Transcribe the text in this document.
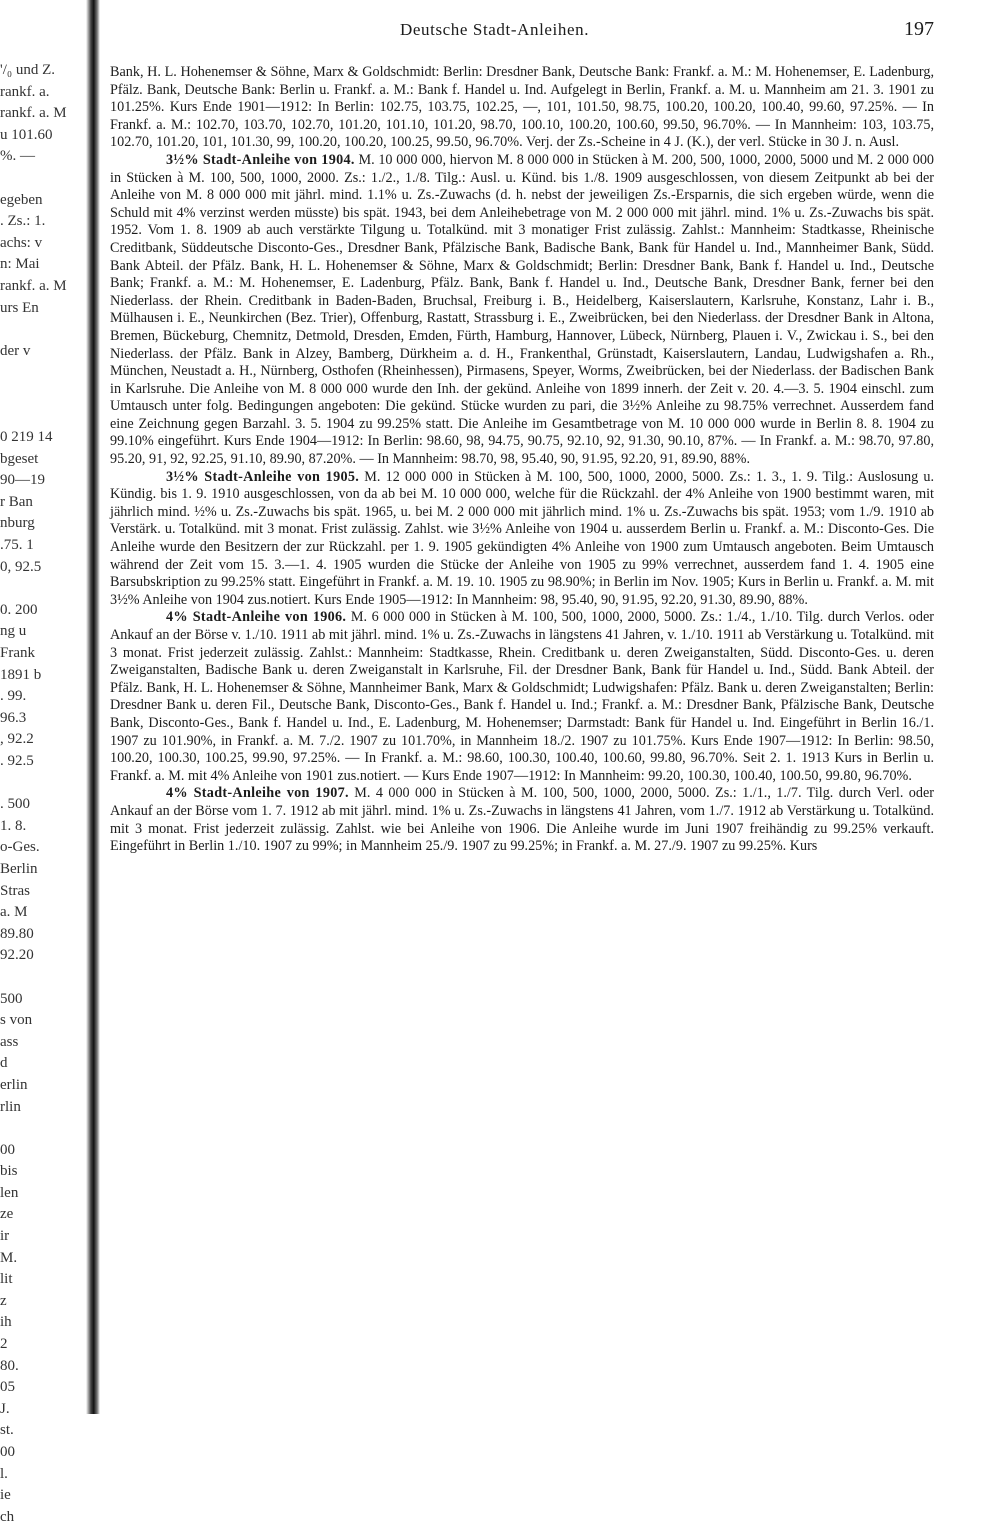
'/₀ und Z.
rankf. a.
rankf. a. M
u 101.60
%. —
egeben
. Zs.: 1.
achs: v
n: Mai
rankf. a. M
urs En
der v
0 219 14
bgeset
90—19
r Ban
nburg
.75. 1
0, 92.5
0. 200
ng u
Frank
1891 b
. 99.
96.3
, 92.2
. 92.5
. 500
1. 8.
o-Ges.
Berlin
Stras
a. M
89.80
92.20
500
s von
ass
d
erlin
rlin
00
bis
len
ze
ir
M.
lit
z
ih
2
80.
05
J.
st.
00
l.
ie
ch
Deutsche Stadt-Anleihen.	197

Bank, H. L. Hohenemser & Söhne, Marx & Goldschmidt: Berlin: Dresdner Bank, Deutsche Bank: Frankf. a. M.: M. Hohenemser, E. Ladenburg, Pfälz. Bank, Deutsche Bank: Berlin u. Frankf. a. M.: Bank f. Handel u. Ind. Aufgelegt in Berlin, Frankf. a. M. u. Mannheim am 21. 3. 1901 zu 101.25%. Kurs Ende 1901—1912: In Berlin: 102.75, 103.75, 102.25, —, 101, 101.50, 98.75, 100.20, 100.20, 100.40, 99.60, 97.25%. — In Frankf. a. M.: 102.70, 103.70, 102.70, 101.20, 101.10, 101.20, 98.70, 100.10, 100.20, 100.60, 99.50, 96.70%. — In Mannheim: 103, 103.75, 102.70, 101.20, 101, 101.30, 99, 100.20, 100.20, 100.25, 99.50, 96.70%. Verj. der Zs.-Scheine in 4 J. (K.), der verl. Stücke in 30 J. n. Ausl.

3½% Stadt-Anleihe von 1904. M. 10 000 000, hiervon M. 8 000 000 in Stücken à M. 200, 500, 1000, 2000, 5000 und M. 2 000 000 in Stücken à M. 100, 500, 1000, 2000. Zs.: 1./2., 1./8. Tilg.: Ausl. u. Künd. bis 1./8. 1909 ausgeschlossen, von diesem Zeitpunkt ab bei der Anleihe von M. 8 000 000 mit jährl. mind. 1.1% u. Zs.-Zuwachs (d. h. nebst der jeweiligen Zs.-Ersparnis, die sich ergeben würde, wenn die Schuld mit 4% verzinst werden müsste) bis spät. 1943, bei dem Anleihebetrage von M. 2 000 000 mit jährl. mind. 1% u. Zs.-Zuwachs bis spät. 1952. Vom 1. 8. 1909 ab auch verstärkte Tilgung u. Totalkünd. mit 3 monatiger Frist zulässig. Zahlst.: Mannheim: Stadtkasse, Rheinische Creditbank, Süddeutsche Disconto-Ges., Dresdner Bank, Pfälzische Bank, Badische Bank, Bank für Handel u. Ind., Mannheimer Bank, Südd. Bank Abteil. der Pfälz. Bank, H. L. Hohenemser & Söhne, Marx & Goldschmidt; Berlin: Dresdner Bank, Bank f. Handel u. Ind., Deutsche Bank; Frankf. a. M.: M. Hohenemser, E. Ladenburg, Pfälz. Bank, Bank f. Handel u. Ind., Deutsche Bank, Dresdner Bank, ferner bei den Niederlass. der Rhein. Creditbank in Baden-Baden, Bruchsal, Freiburg i. B., Heidelberg, Kaiserslautern, Karlsruhe, Konstanz, Lahr i. B., Mülhausen i. E., Neunkirchen (Bez. Trier), Offenburg, Rastatt, Strassburg i. E., Zweibrücken, bei den Niederlass. der Dresdner Bank in Altona, Bremen, Bückeburg, Chemnitz, Detmold, Dresden, Emden, Fürth, Hamburg, Hannover, Lübeck, Nürnberg, Plauen i. V., Zwickau i. S., bei den Niederlass. der Pfälz. Bank in Alzey, Bamberg, Dürkheim a. d. H., Frankenthal, Grünstadt, Kaiserslautern, Landau, Ludwigshafen a. Rh., München, Neustadt a. H., Nürnberg, Osthofen (Rheinhessen), Pirmasens, Speyer, Worms, Zweibrücken, bei der Niederlass. der Badischen Bank in Karlsruhe. Die Anleihe von M. 8 000 000 wurde den Inh. der gekünd. Anleihe von 1899 innerh. der Zeit v. 20. 4.—3. 5. 1904 einschl. zum Umtausch unter folg. Bedingungen angeboten: Die gekünd. Stücke wurden zu pari, die 3½% Anleihe zu 98.75% verrechnet. Ausserdem fand eine Zeichnung gegen Barzahl. 3. 5. 1904 zu 99.25% statt. Die Anleihe im Gesamtbetrage von M. 10 000 000 wurde in Berlin 8. 8. 1904 zu 99.10% eingeführt. Kurs Ende 1904—1912: In Berlin: 98.60, 98, 94.75, 90.75, 92.10, 92, 91.30, 90.10, 87%. — In Frankf. a. M.: 98.70, 97.80, 95.20, 91, 92, 92.25, 91.10, 89.90, 87.20%. — In Mannheim: 98.70, 98, 95.40, 90, 91.95, 92.20, 91, 89.90, 88%.

3½% Stadt-Anleihe von 1905. M. 12 000 000 in Stücken à M. 100, 500, 1000, 2000, 5000. Zs.: 1. 3., 1. 9. Tilg.: Auslosung u. Kündig. bis 1. 9. 1910 ausgeschlossen, von da ab bei M. 10 000 000, welche für die Rückzahl. der 4% Anleihe von 1900 bestimmt waren, mit jährlich mind. ½% u. Zs.-Zuwachs bis spät. 1965, u. bei M. 2 000 000 mit jährlich mind. 1% u. Zs.-Zuwachs bis spät. 1953; vom 1./9. 1910 ab Verstärk. u. Totalkünd. mit 3 monat. Frist zulässig. Zahlst. wie 3½% Anleihe von 1904 u. ausserdem Berlin u. Frankf. a. M.: Disconto-Ges. Die Anleihe wurde den Besitzern der zur Rückzahl. per 1. 9. 1905 gekündigten 4% Anleihe von 1900 zum Umtausch angeboten. Beim Umtausch während der Zeit vom 15. 3.—1. 4. 1905 wurden die Stücke der Anleihe von 1905 zu 99% verrechnet, ausserdem fand 1. 4. 1905 eine Barsubskription zu 99.25% statt. Eingeführt in Frankf. a. M. 19. 10. 1905 zu 98.90%; in Berlin im Nov. 1905; Kurs in Berlin u. Frankf. a. M. mit 3½% Anleihe von 1904 zus.notiert. Kurs Ende 1905—1912: In Mannheim: 98, 95.40, 90, 91.95, 92.20, 91.30, 89.90, 88%.

4% Stadt-Anleihe von 1906. M. 6 000 000 in Stücken à M. 100, 500, 1000, 2000, 5000. Zs.: 1./4., 1./10. Tilg. durch Verlos. oder Ankauf an der Börse v. 1./10. 1911 ab mit jährl. mind. 1% u. Zs.-Zuwachs in längstens 41 Jahren, v. 1./10. 1911 ab Verstärkung u. Totalkünd. mit 3 monat. Frist jederzeit zulässig. Zahlst.: Mannheim: Stadtkasse, Rhein. Creditbank u. deren Zweiganstalten, Südd. Disconto-Ges. u. deren Zweiganstalten, Badische Bank u. deren Zweiganstalt in Karlsruhe, Fil. der Dresdner Bank, Bank für Handel u. Ind., Südd. Bank Abteil. der Pfälz. Bank, H. L. Hohenemser & Söhne, Mannheimer Bank, Marx & Goldschmidt; Ludwigshafen: Pfälz. Bank u. deren Zweiganstalten; Berlin: Dresdner Bank u. deren Fil., Deutsche Bank, Disconto-Ges., Bank f. Handel u. Ind.; Frankf. a. M.: Dresdner Bank, Pfälzische Bank, Deutsche Bank, Disconto-Ges., Bank f. Handel u. Ind., E. Ladenburg, M. Hohenemser; Darmstadt: Bank für Handel u. Ind. Eingeführt in Berlin 16./1. 1907 zu 101.90%, in Frankf. a. M. 7./2. 1907 zu 101.70%, in Mannheim 18./2. 1907 zu 101.75%. Kurs Ende 1907—1912: In Berlin: 98.50, 100.20, 100.30, 100.25, 99.90, 97.25%. — In Frankf. a. M.: 98.60, 100.30, 100.40, 100.60, 99.80, 96.70%. Seit 2. 1. 1913 Kurs in Berlin u. Frankf. a. M. mit 4% Anleihe von 1901 zus.notiert. — Kurs Ende 1907—1912: In Mannheim: 99.20, 100.30, 100.40, 100.50, 99.80, 96.70%.

4% Stadt-Anleihe von 1907. M. 4 000 000 in Stücken à M. 100, 500, 1000, 2000, 5000. Zs.: 1./1., 1./7. Tilg. durch Verl. oder Ankauf an der Börse vom 1. 7. 1912 ab mit jährl. mind. 1% u. Zs.-Zuwachs in längstens 41 Jahren, vom 1./7. 1912 ab Verstärkung u. Totalkünd. mit 3 monat. Frist jederzeit zulässig. Zahlst. wie bei Anleihe von 1906. Die Anleihe wurde im Juni 1907 freihändig zu 99.25% verkauft. Eingeführt in Berlin 1./10. 1907 zu 99%; in Mannheim 25./9. 1907 zu 99.25%; in Frankf. a. M. 27./9. 1907 zu 99.25%. Kurs
